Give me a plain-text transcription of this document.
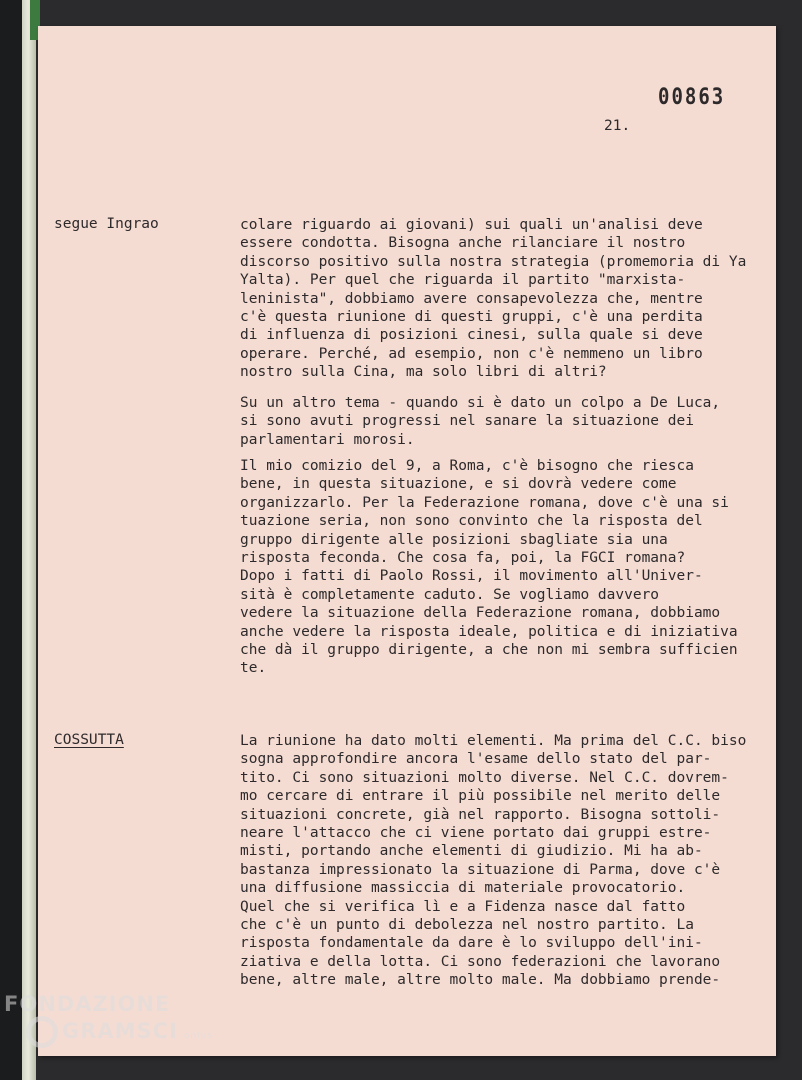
00863
21.
segue Ingrao	colare riguardo ai giovani) sui quali un'analisi deve
essere condotta. Bisogna anche rilanciare il nostro
discorso positivo sulla nostra strategia (promemoria di Ya
Yalta). Per quel che riguarda il partito "marxista-
leninista", dobbiamo avere consapevolezza che, mentre
c'è questa riunione di questi gruppi, c'è una perdita
di influenza di posizioni cinesi, sulla quale si deve
operare. Perché, ad esempio, non c'è nemmeno un libro
nostro sulla Cina, ma solo libri di altri?
Su un altro tema - quando si è dato un colpo a De Luca,
si sono avuti progressi nel sanare la situazione dei
parlamentari morosi.
Il mio comizio del 9, a Roma, c'è bisogno che riesca
bene, in questa situazione, e si dovrà vedere come
organizzarlo. Per la Federazione romana, dove c'è una si
tuazione seria, non sono convinto che la risposta del
gruppo dirigente alle posizioni sbagliate sia una
risposta feconda. Che cosa fa, poi, la FGCI romana?
Dopo i fatti di Paolo Rossi, il movimento all'Univer-
sità è completamente caduto. Se vogliamo davvero
vedere la situazione della Federazione romana, dobbiamo
anche vedere la risposta ideale, politica e di iniziativa
che dà il gruppo dirigente, a che non mi sembra sufficien
te.
COSSUTTA	La riunione ha dato molti elementi. Ma prima del C.C. biso
sogna approfondire ancora l'esame dello stato del par-
tito. Ci sono situazioni molto diverse. Nel C.C. dovrem-
mo cercare di entrare il più possibile nel merito delle
situazioni concrete, già nel rapporto. Bisogna sottoli-
neare l'attacco che ci viene portato dai gruppi estre-
misti, portando anche elementi di giudizio. Mi ha ab-
bastanza impressionato la situazione di Parma, dove c'è
una diffusione massiccia di materiale provocatorio.
Quel che si verifica lì e a Fidenza nasce dal fatto
che c'è un punto di debolezza nel nostro partito. La
risposta fondamentale da dare è lo sviluppo dell'ini-
ziativa e della lotta. Ci sono federazioni che lavorano
bene, altre male, altre molto male. Ma dobbiamo prende-
FONDAZIONE
GRAMSCI onlus
